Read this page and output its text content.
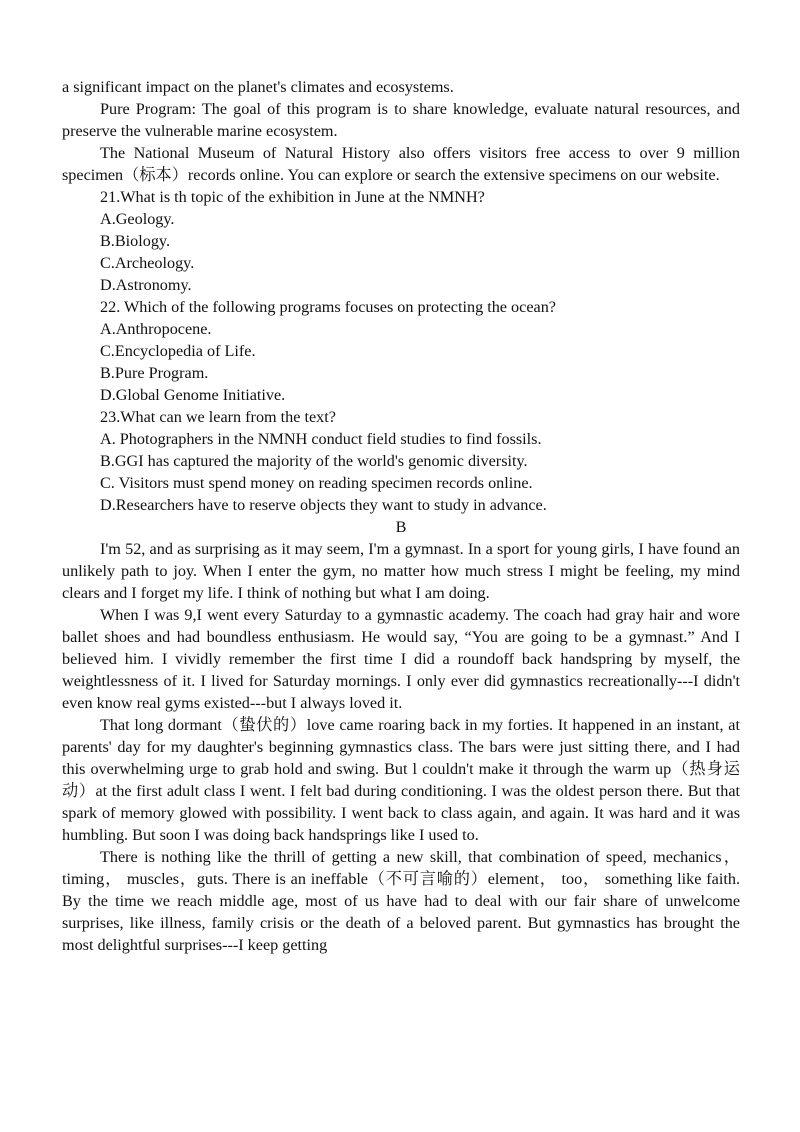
a significant impact on the planet's climates and ecosystems.

Pure Program: The goal of this program is to share knowledge, evaluate natural resources, and preserve the vulnerable marine ecosystem.

The National Museum of Natural History also offers visitors free access to over 9 million specimen（标本）records online. You can explore or search the extensive specimens on our website.

21.What is th topic of the exhibition in June at the NMNH?

A.Geology.

B.Biology.

C.Archeology.

D.Astronomy.

22. Which of the following programs focuses on protecting the ocean?

A.Anthropocene.

C.Encyclopedia of Life.

B.Pure Program.

D.Global Genome Initiative.

23.What can we learn from the text?

A. Photographers in the NMNH conduct field studies to find fossils.

B.GGI has captured the majority of the world's genomic diversity.

C. Visitors must spend money on reading specimen records online.

D.Researchers have to reserve objects they want to study in advance.

B

I'm 52, and as surprising as it may seem, I'm a gymnast. In a sport for young girls, I have found an unlikely path to joy. When I enter the gym, no matter how much stress I might be feeling, my mind clears and I forget my life. I think of nothing but what I am doing.

When I was 9,I went every Saturday to a gymnastic academy. The coach had gray hair and wore ballet shoes and had boundless enthusiasm. He would say, “You are going to be a gymnast.” And I believed him. I vividly remember the first time I did a roundoff back handspring by myself, the weightlessness of it. I lived for Saturday mornings. I only ever did gymnastics recreationally---I didn't even know real gyms existed---but I always loved it.

That long dormant（蛰伏的）love came roaring back in my forties. It happened in an instant, at parents' day for my daughter's beginning gymnastics class. The bars were just sitting there, and I had this overwhelming urge to grab hold and swing. But l couldn't make it through the warm up（热身运动）at the first adult class I went. I felt bad during conditioning. I was the oldest person there. But that spark of memory glowed with possibility. I went back to class again, and again. It was hard and it was humbling. But soon I was doing back handsprings like I used to.

There is nothing like the thrill of getting a new skill, that combination of speed, mechanics， timing， muscles，guts. There is an ineffable（不可言喻的）element， too， something like faith. By the time we reach middle age, most of us have had to deal with our fair share of unwelcome surprises, like illness, family crisis or the death of a beloved parent. But gymnastics has brought the most delightful surprises---I keep getting
